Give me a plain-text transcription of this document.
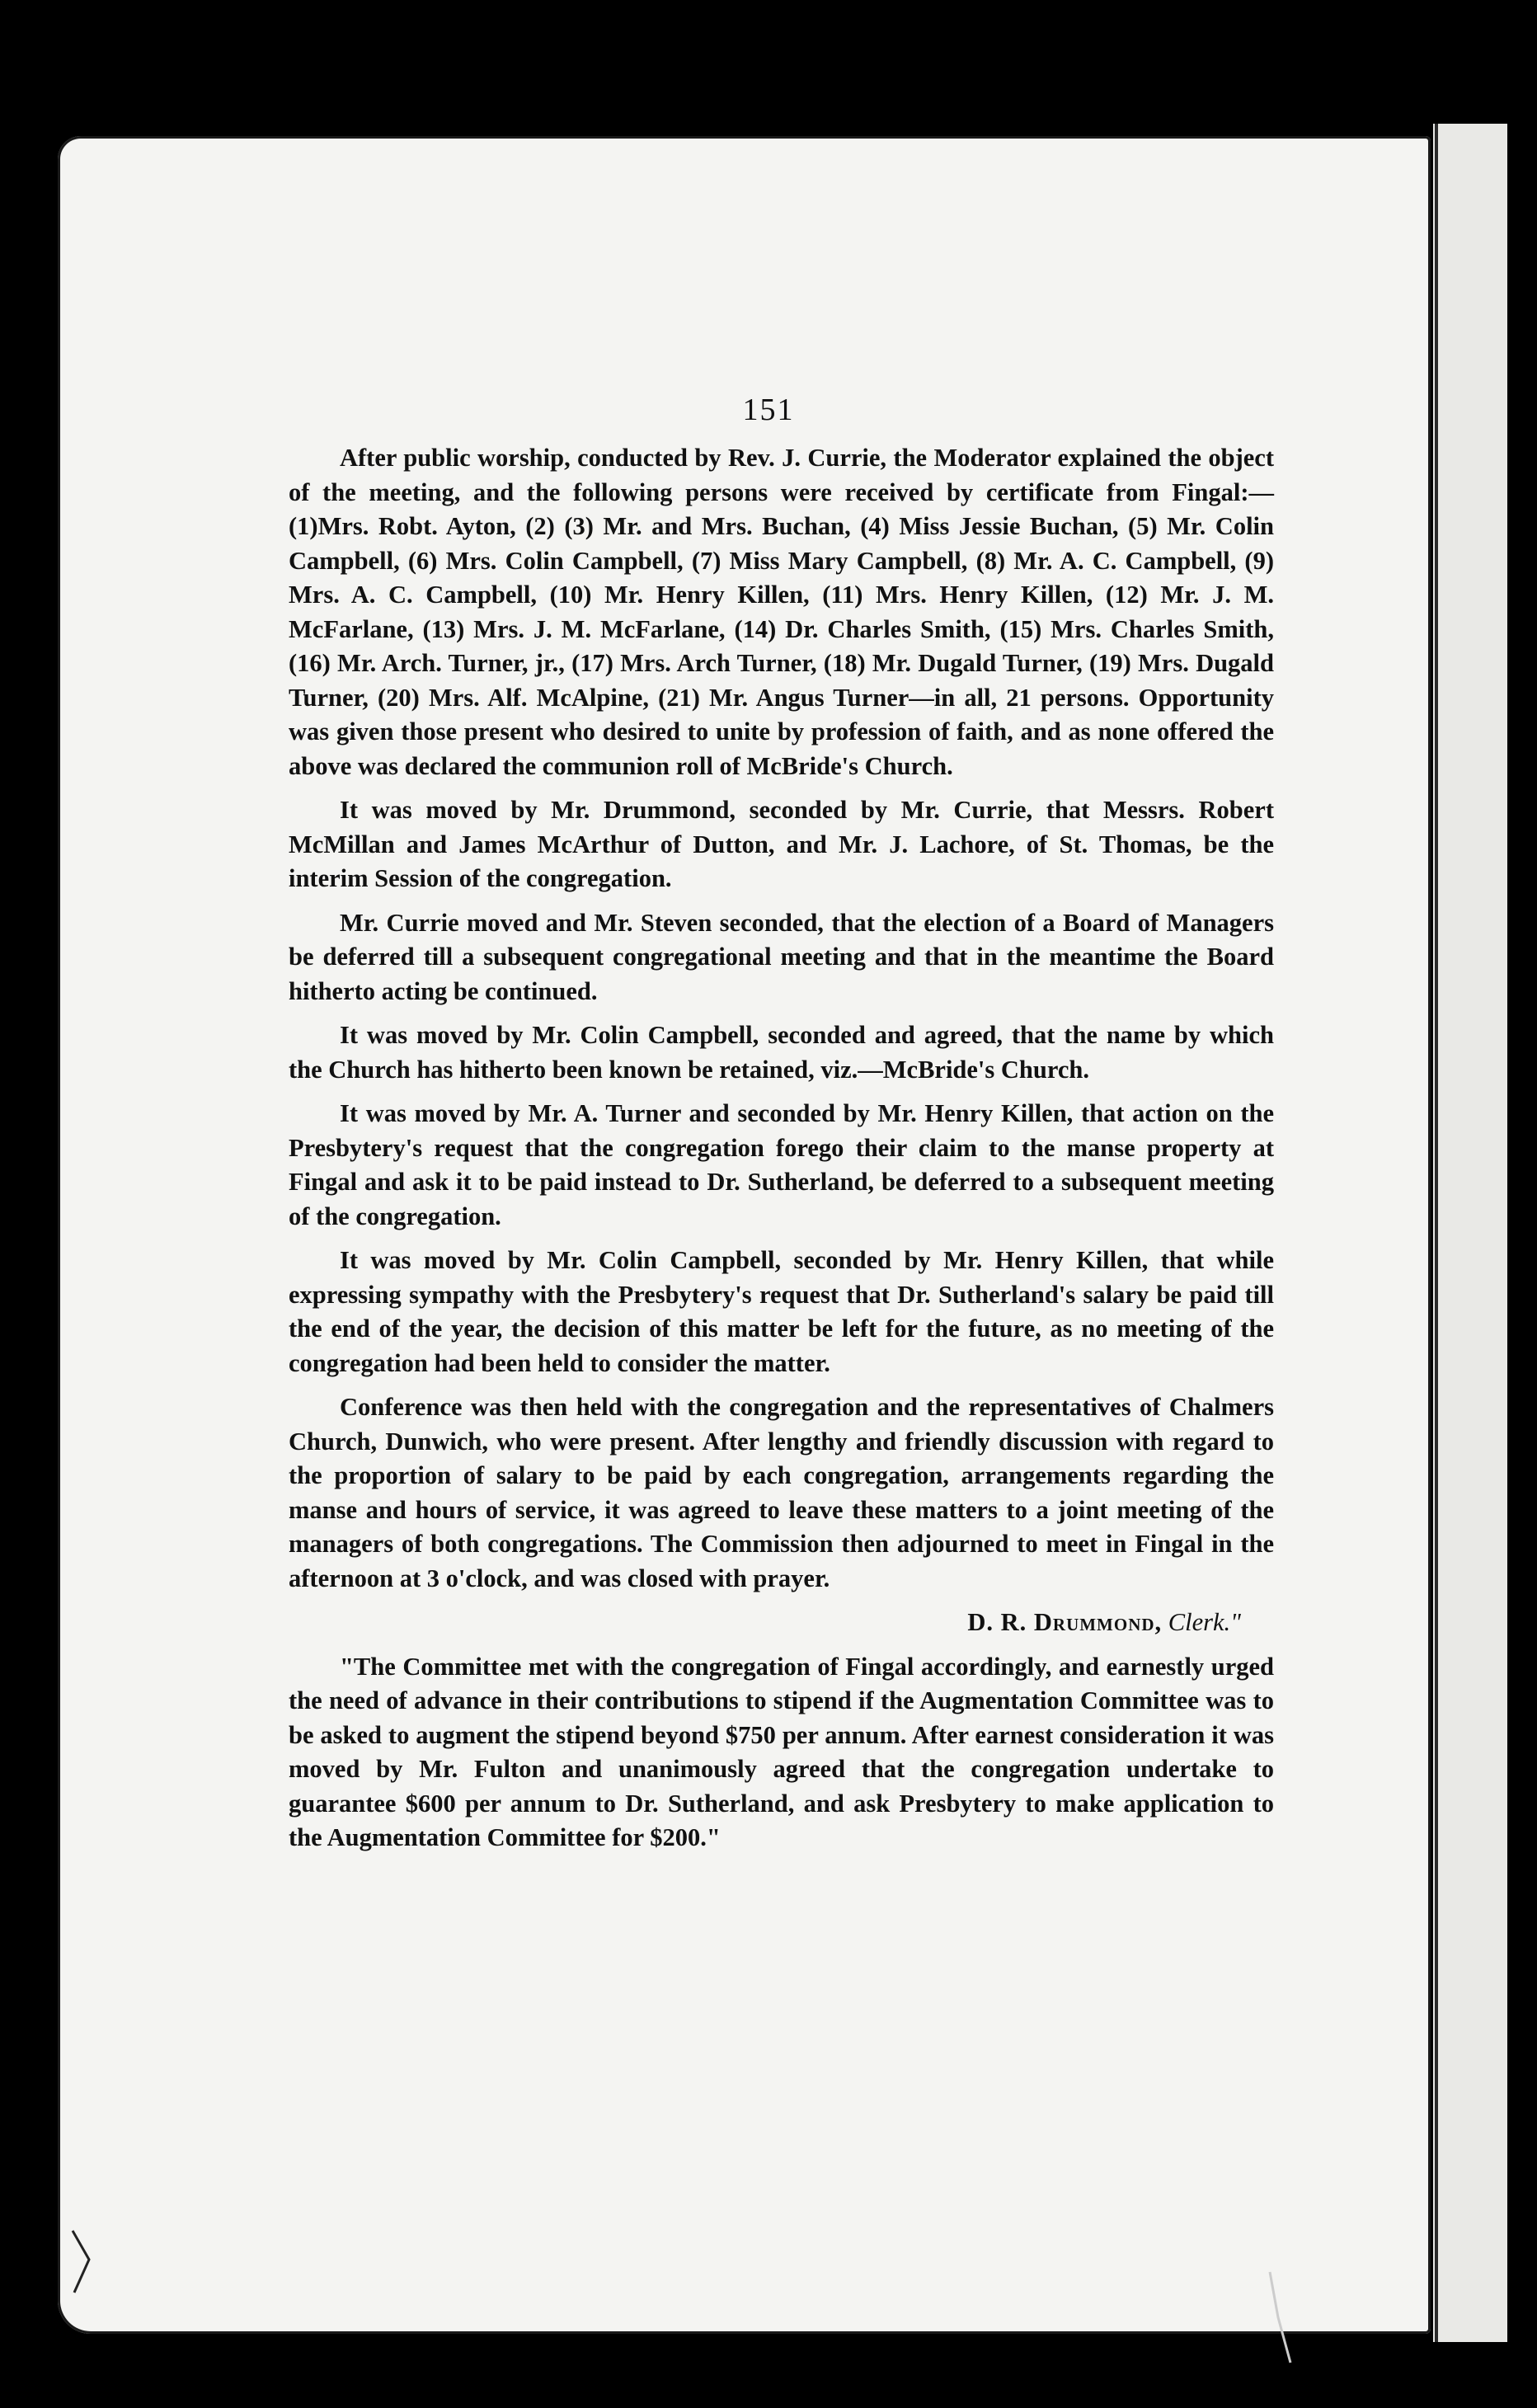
151

After public worship, conducted by Rev. J. Currie, the Moderator explained the object of the meeting, and the following persons were received by certificate from Fingal:—(1)Mrs. Robt. Ayton, (2) (3) Mr. and Mrs. Buchan, (4) Miss Jessie Buchan, (5) Mr. Colin Campbell, (6) Mrs. Colin Campbell, (7) Miss Mary Campbell, (8) Mr. A. C. Campbell, (9) Mrs. A. C. Campbell, (10) Mr. Henry Killen, (11) Mrs. Henry Killen, (12) Mr. J. M. McFarlane, (13) Mrs. J. M. McFarlane, (14) Dr. Charles Smith, (15) Mrs. Charles Smith, (16) Mr. Arch. Turner, jr., (17) Mrs. Arch Turner, (18) Mr. Dugald Turner, (19) Mrs. Dugald Turner, (20) Mrs. Alf. McAlpine, (21) Mr. Angus Turner—in all, 21 persons. Opportunity was given those present who desired to unite by profession of faith, and as none offered the above was declared the communion roll of McBride's Church.

It was moved by Mr. Drummond, seconded by Mr. Currie, that Messrs. Robert McMillan and James McArthur of Dutton, and Mr. J. Lachore, of St. Thomas, be the interim Session of the congregation.

Mr. Currie moved and Mr. Steven seconded, that the election of a Board of Managers be deferred till a subsequent congregational meeting and that in the meantime the Board hitherto acting be continued.

It was moved by Mr. Colin Campbell, seconded and agreed, that the name by which the Church has hitherto been known be retained, viz.—McBride's Church.

It was moved by Mr. A. Turner and seconded by Mr. Henry Killen, that action on the Presbytery's request that the congregation forego their claim to the manse property at Fingal and ask it to be paid instead to Dr. Sutherland, be deferred to a subsequent meeting of the congregation.

It was moved by Mr. Colin Campbell, seconded by Mr. Henry Killen, that while expressing sympathy with the Presbytery's request that Dr. Sutherland's salary be paid till the end of the year, the decision of this matter be left for the future, as no meeting of the congregation had been held to consider the matter.

Conference was then held with the congregation and the representatives of Chalmers Church, Dunwich, who were present. After lengthy and friendly discussion with regard to the proportion of salary to be paid by each congregation, arrangements regarding the manse and hours of service, it was agreed to leave these matters to a joint meeting of the managers of both congregations. The Commission then adjourned to meet in Fingal in the afternoon at 3 o'clock, and was closed with prayer.

D. R. Drummond, Clerk."

"The Committee met with the congregation of Fingal accordingly, and earnestly urged the need of advance in their contributions to stipend if the Augmentation Committee was to be asked to augment the stipend beyond $750 per annum. After earnest consideration it was moved by Mr. Fulton and unanimously agreed that the congregation undertake to guarantee $600 per annum to Dr. Sutherland, and ask Presbytery to make application to the Augmentation Committee for $200."
